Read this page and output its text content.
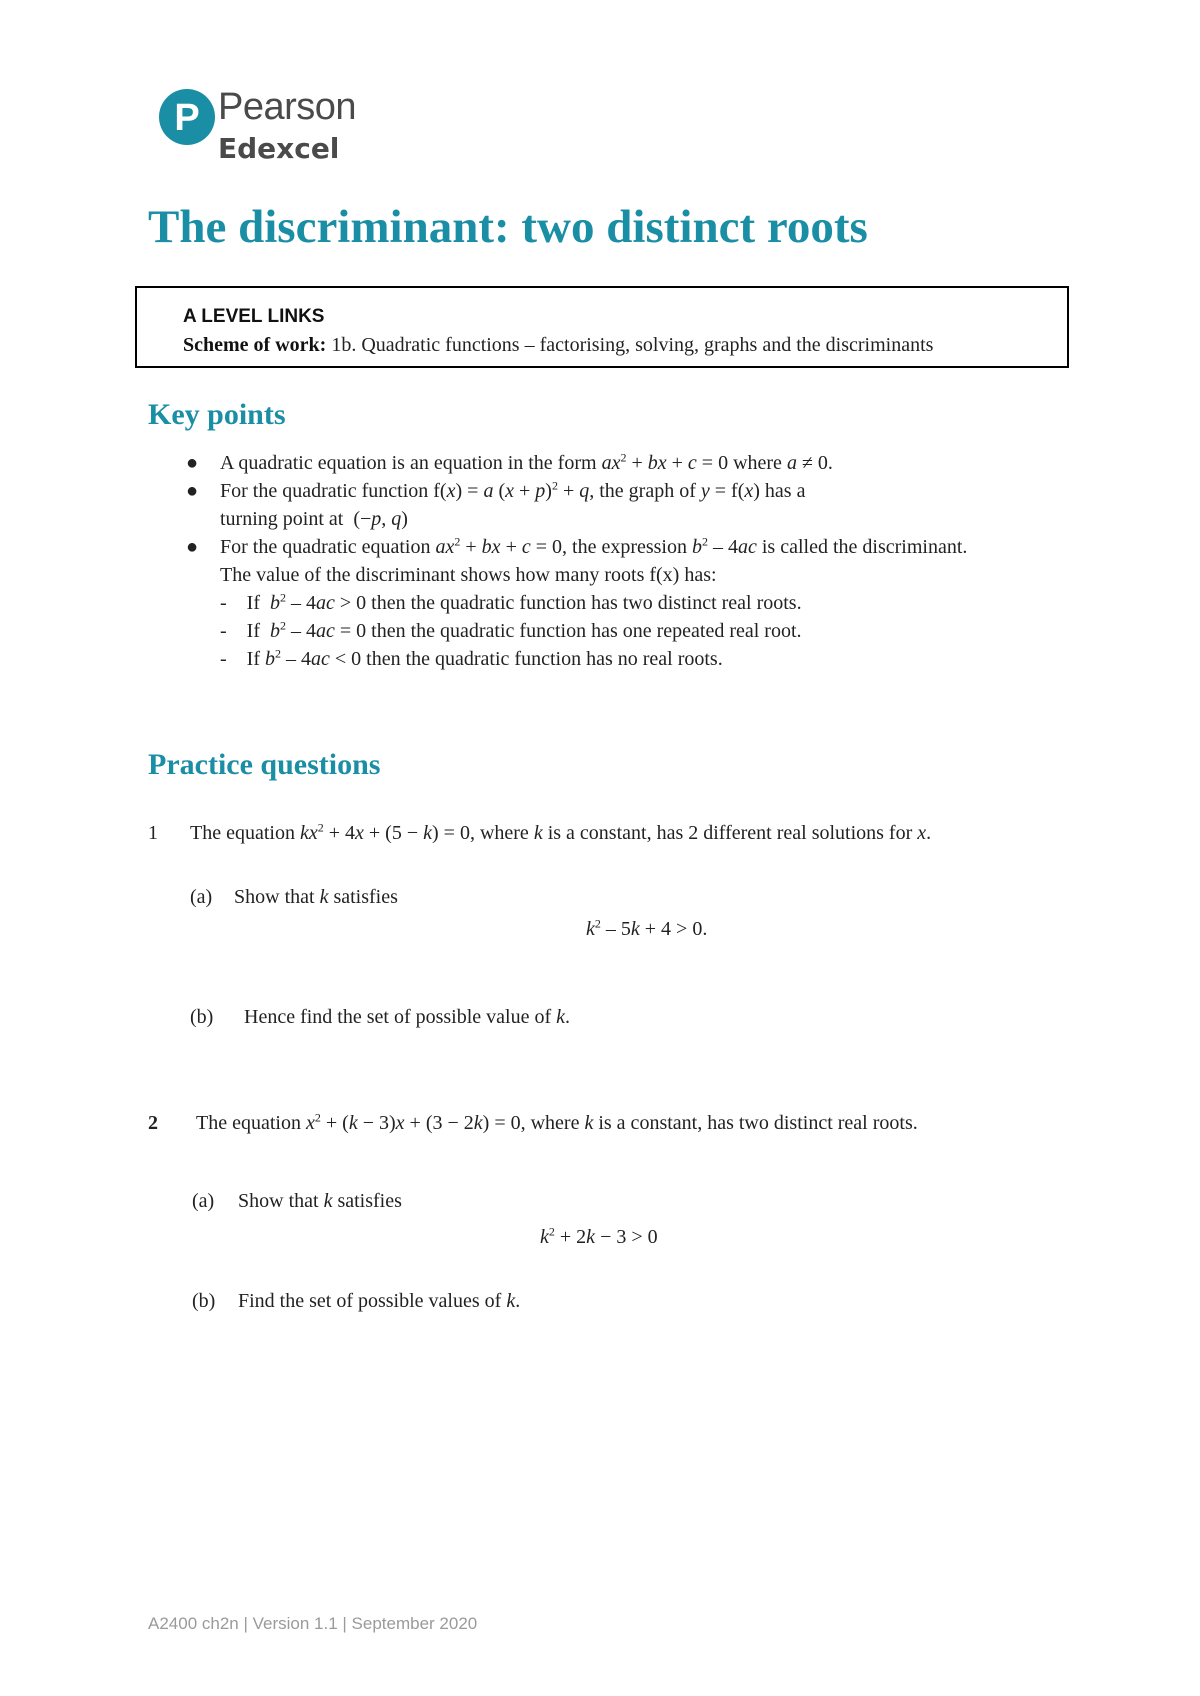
P Pearson
Edexcel
The discriminant: two distinct roots
A LEVEL LINKS
Scheme of work: 1b. Quadratic functions – factorising, solving, graphs and the discriminants
Key points
● A quadratic equation is an equation in the form $ax^2$ + bx + c = 0 where a ≠ 0.
● For the quadratic function f(x) = a $(x + p)^2 + q$, the graph of y = f(x) has a
turning point at  (−p, q)
● For the quadratic equation $ax^2$ + bx + c = 0, the expression $b^2 - 4ac$ is called the discriminant.
The value of the discriminant shows how many roots f(x) has:
-    If  $b^2 - 4ac > 0$ then the quadratic function has two distinct real roots.
-    If  $b^2 - 4ac = 0$ then the quadratic function has one repeated real root.
-    If $b^2 - 4ac < 0$ then the quadratic function has no real roots.
Practice questions
1 The equation $kx^2 + 4x + (5 - k) = 0$, where k is a constant, has 2 different real solutions for x.
(a) Show that k satisfies
$k^2 - 5k + 4 > 0$.
(b) Hence find the set of possible value of k.
2 The equation $x^2 + (k - 3)x + (3 - 2k) = 0$, where k is a constant, has two distinct real roots.
(a) Show that k satisfies
$k^2 + 2k - 3 > 0$
(b) Find the set of possible values of k.
A2400 ch2n | Version 1.1 | September 2020
